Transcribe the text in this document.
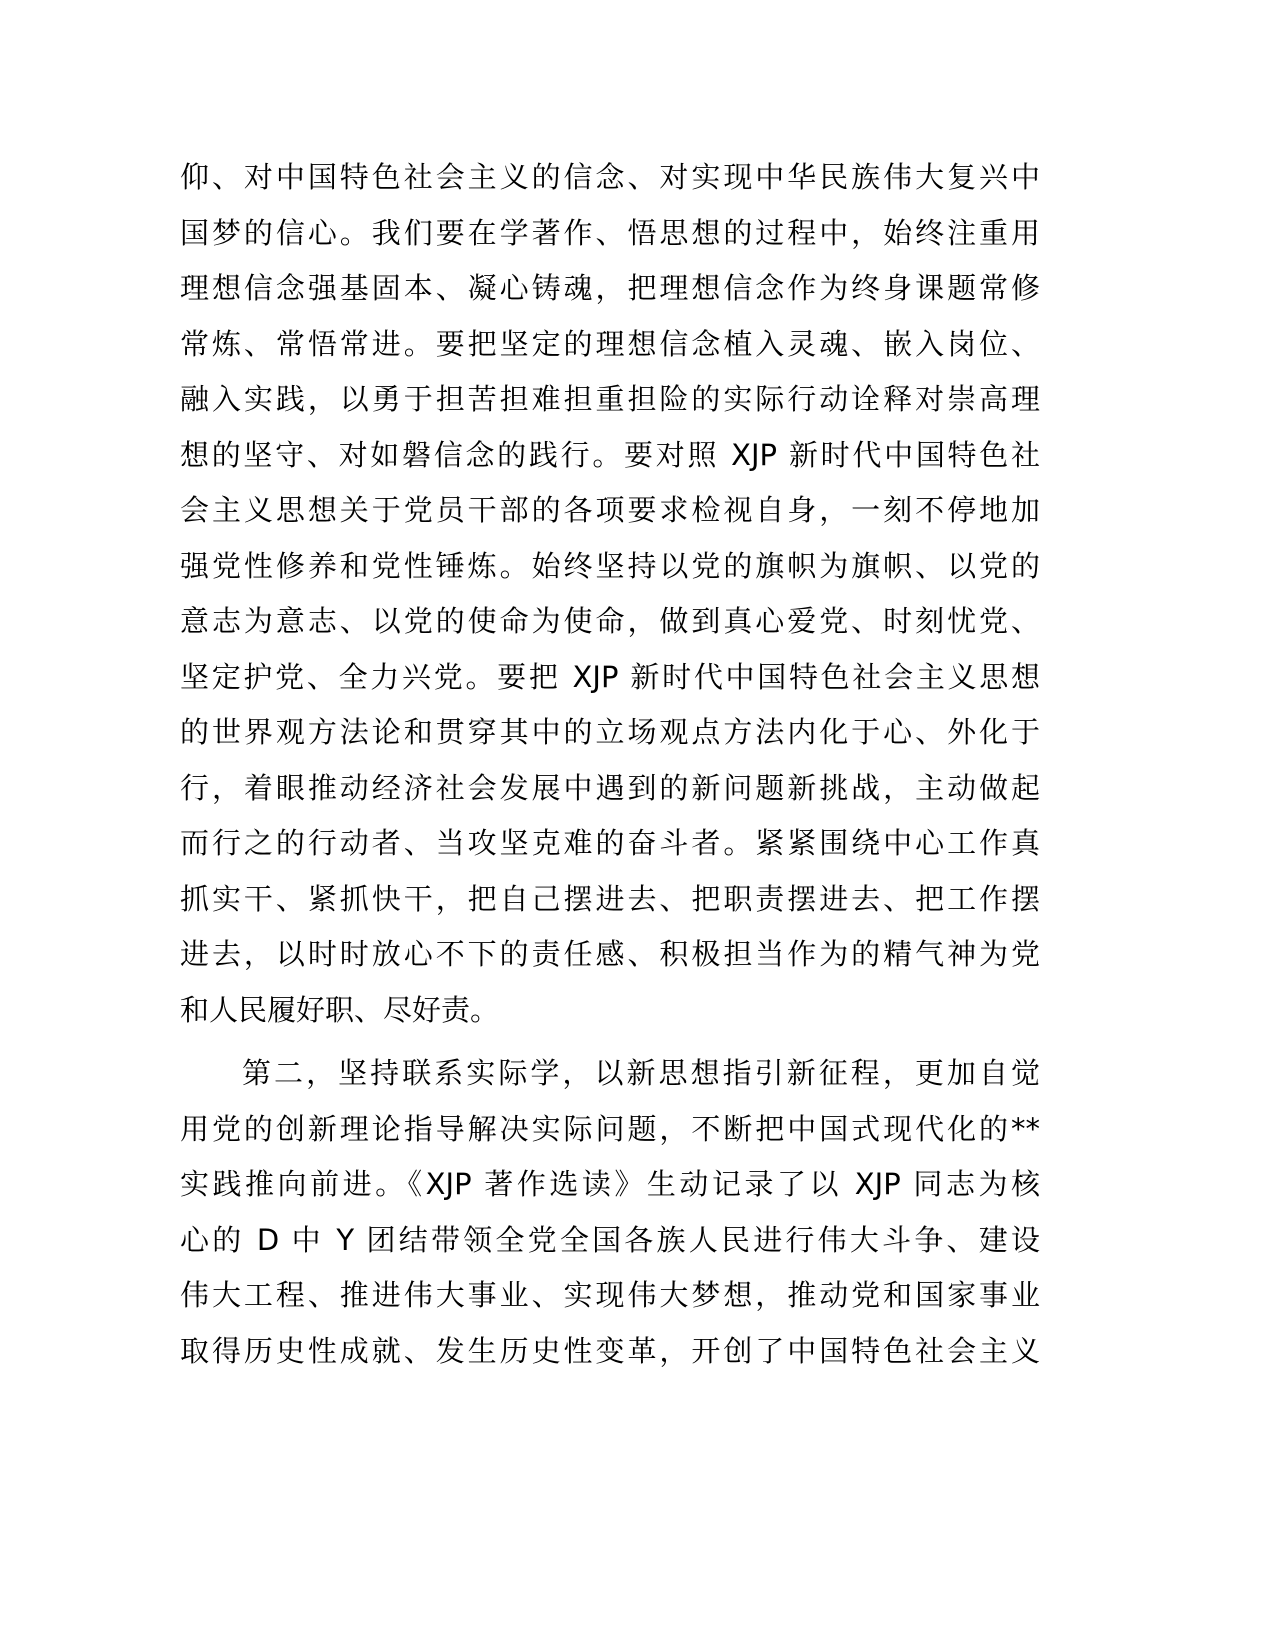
仰、对中国特色社会主义的信念、对实现中华民族伟大复兴中
国梦的信心。我们要在学著作、悟思想的过程中，始终注重用
理想信念强基固本、凝心铸魂，把理想信念作为终身课题常修
常炼、常悟常进。要把坚定的理想信念植入灵魂、嵌入岗位、
融入实践，以勇于担苦担难担重担险的实际行动诠释对崇高理
想的坚守、对如磐信念的践行。要对照 XJP 新时代中国特色社
会主义思想关于党员干部的各项要求检视自身，一刻不停地加
强党性修养和党性锤炼。始终坚持以党的旗帜为旗帜、以党的
意志为意志、以党的使命为使命，做到真心爱党、时刻忧党、
坚定护党、全力兴党。要把 XJP 新时代中国特色社会主义思想
的世界观方法论和贯穿其中的立场观点方法内化于心、外化于
行，着眼推动经济社会发展中遇到的新问题新挑战，主动做起
而行之的行动者、当攻坚克难的奋斗者。紧紧围绕中心工作真
抓实干、紧抓快干，把自己摆进去、把职责摆进去、把工作摆
进去，以时时放心不下的责任感、积极担当作为的精气神为党
和人民履好职、尽好责。
第二，坚持联系实际学，以新思想指引新征程，更加自觉
用党的创新理论指导解决实际问题，不断把中国式现代化的**
实践推向前进。《XJP 著作选读》生动记录了以 XJP 同志为核
心的 D 中 Y 团结带领全党全国各族人民进行伟大斗争、建设
伟大工程、推进伟大事业、实现伟大梦想，推动党和国家事业
取得历史性成就、发生历史性变革，开创了中国特色社会主义
